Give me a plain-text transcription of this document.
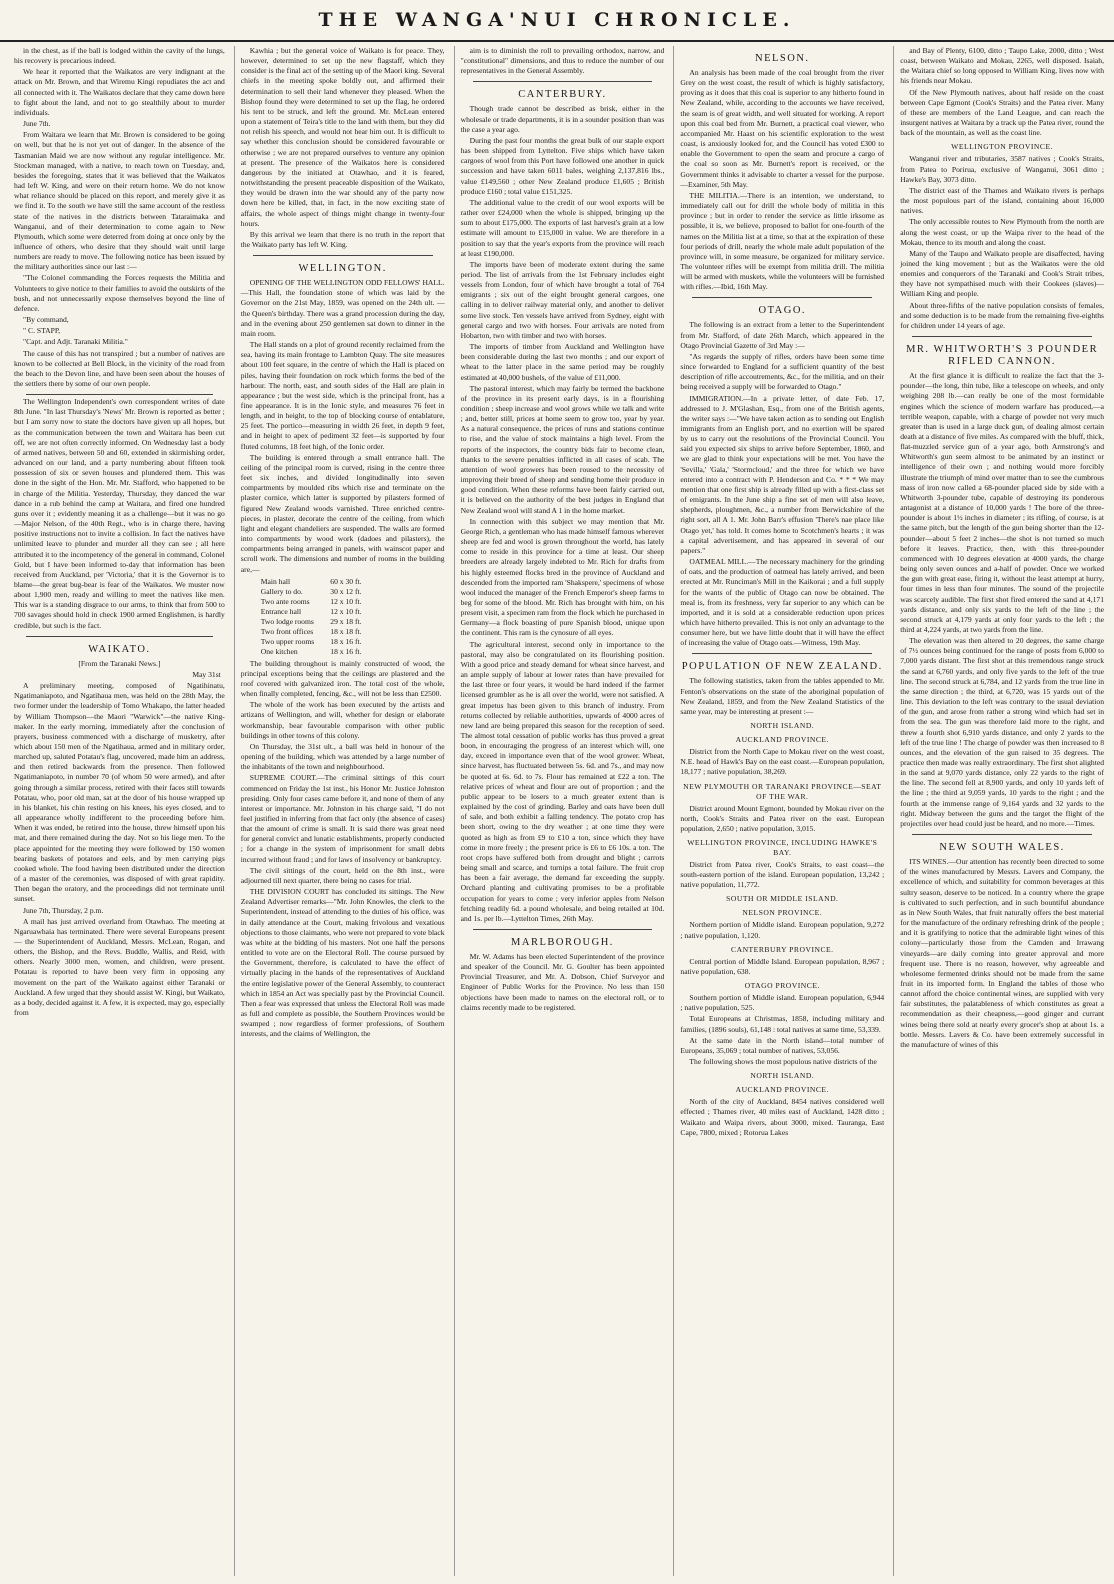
THE WANGA'NUI CHRONICLE.

in the chest, as if the ball is lodged within the cavity of the lungs, his recovery is precarious indeed.

We hear it reported that the Waikatos are very indignant at the attack on Mr. Brown, and that Wiremu Kingi repudiates the act and all connected with it. The Waikatos declare that they came down here to fight about the land, and not to go stealthily about to murder individuals.

June 7th.

From Waitara we learn that Mr. Brown is considered to be going on well, but that he is not yet out of danger. In the absence of the Tasmanian Maid we are now without any regular intelligence. Mr. Stockman managed, with a native, to reach town on Tuesday, and, besides the foregoing, states that it was believed that the Waikatos had left W. King, and were on their return home. We do not know what reliance should be placed on this report, and merely give it as we find it. To the south we have still the same account of the restless state of the natives in the districts between Tataraimaka and Wanganui, and of their determination to come again to New Plymouth, which some were deterred from doing at once only by the influence of others, who desire that they should wait until large numbers are ready to move. The following notice has been issued by the military authorities since our last :—

"The Colonel commanding the Forces requests the Militia and Volunteers to give notice to their families to avoid the outskirts of the bush, and not unnecessarily expose themselves beyond the line of defence.

"By command,

" C. STAPP,

"Capt. and Adjt. Taranaki Militia."

The cause of this has not transpired ; but a number of natives are known to be collected at Bell Block, in the vicinity of the road from the beach to the Devon line, and have been seen about the houses of the settlers there by some of our own people.

The Wellington Independent's own correspondent writes of date 8th June. "In last Thursday's 'News' Mr. Brown is reported as better ; but I am sorry now to state the doctors have given up all hopes, but as the communication between the town and Waitara has been cut off, we are not often correctly informed. On Wednesday last a body of armed natives, between 50 and 60, extended in skirmishing order, advanced on our land, and a party numbering about fifteen took possession of six or seven houses and plundered them. This was done in the sight of the Hon. Mr. Mr. Stafford, who happened to be in charge of the Militia. Yesterday, Thursday, they danced the war dance in a rub behind the camp at Waitara, and fired one hundred guns over it ; evidently meaning it as a challenge—but it was no go—Major Nelson, of the 40th Regt., who is in charge there, having positive instructions not to invite a collision. In fact the natives have unlimited leave to plunder and murder all they can see ; all here attributed it to the incompetency of the general in command, Colonel Gold, but I have been informed to-day that information has been received from Auckland, per 'Victoria,' that it is the Governor is to blame—the great bug-bear is fear of the Waikatos. We muster now about 1,900 men, ready and willing to meet the natives like men. This war is a standing disgrace to our arms, to think that from 500 to 700 savages should hold in check 1900 armed Englishmen, is hardly credible, but such is the fact.

WAIKATO.
[From the Taranaki News.]
May 31st

A preliminary meeting, composed of Ngatihinatu, Ngatimaniapoto, and Ngatihaua men, was held on the 28th May, the two former under the leadership of Tomo Whakapo, the latter headed by William Thompson—the Maori "Warwick"—the native King-maker. In the early morning, immediately after the conclusion of prayers, business commenced with a discharge of musketry, after which about 150 men of the Ngatihaua, armed and in military order, marched up, saluted Potatau's flag, uncovered, made him an address, and then retired backwards from the presence. Then followed Ngatimaniapoto, in number 70 (of whom 50 were armed), and after going through a similar process, retired with their faces still towards Potatau, who, poor old man, sat at the door of his house wrapped up in his blanket, his chin resting on his knees, his eyes closed, and to all appearance wholly indifferent to the proceeding before him. When it was ended, he retired into the house, threw himself upon his mat, and there remained during the day. Not so his liege men. To the place appointed for the meeting they were followed by 150 women bearing baskets of potatoes and eels, and by men carrying pigs cooked whole. The food having been distributed under the direction of a master of the ceremonies, was disposed of with great rapidity. Then began the oratory, and the proceedings did not terminate until sunset.

June 7th, Thursday, 2 p.m.

A mail has just arrived overland from Otawhao. The meeting at Ngaruawhaia has terminated. There were several Europeans present — the Superintendent of Auckland, Messrs. McLean, Rogan, and others, the Bishop, and the Revs. Buddle, Wallis, and Reid, with others. Nearly 3000 men, women, and children, were present. Potatau is reported to have been very firm in opposing any movement on the part of the Waikato against either Taranaki or Auckland. A few urged that they should assist W. Kingi, but Waikato, as a body, decided against it. A few, it is expected, may go, especially from

Kawhia ; but the general voice of Waikato is for peace. They, however, determined to set up the new flagstaff, which they consider is the final act of the setting up of the Maori king. Several chiefs in the meeting spoke boldly out, and affirmed their determination to sell their land whenever they pleased. When the Bishop found they were determined to set up the flag, he ordered his tent to be struck, and left the ground. Mr. McLean entered upon a statement of Teira's title to the land with them, but they did not relish his speech, and would not hear him out. It is difficult to say whether this conclusion should be considered favourable or otherwise ; we are not prepared ourselves to venture any opinion at present. The presence of the Waikatos here is considered dangerous by the initiated at Otawhao, and it is feared, notwithstanding the present peaceable disposition of the Waikato, they would be drawn into the war should any of the party now down here be killed, that, in fact, in the now exciting state of affairs, the whole aspect of things might change in twenty-four hours.

By this arrival we learn that there is no truth in the report that the Waikato party has left W. King.

WELLINGTON.

OPENING OF THE WELLINGTON ODD FELLOWS' HALL.—This Hall, the foundation stone of which was laid by the Governor on the 21st May, 1859, was opened on the 24th ult. —the Queen's birthday. There was a grand procession during the day, and in the evening about 250 gentlemen sat down to dinner in the main room.

The Hall stands on a plot of ground recently reclaimed from the sea, having its main frontage to Lambton Quay. The site measures about 100 feet square, in the centre of which the Hall is placed on piles, having their foundation on rock which forms the bed of the harbour. The north, east, and south sides of the Hall are plain in appearance ; but the west side, which is the principal front, has a fine appearance. It is in the Ionic style, and measures 76 feet in length, and in height, to the top of blocking course of entablature, 25 feet. The portico—measuring in width 26 feet, in depth 9 feet, and in height to apex of pediment 32 feet—is supported by four fluted columns, 18 feet high, of the Ionic order.

The building is entered through a small entrance hall. The ceiling of the principal room is curved, rising in the centre three feet six inches, and divided longitudinally into seven compartments by moulded ribs which rise and terminate on the plaster cornice, which latter is supported by pilasters formed of figured New Zealand woods varnished. Three enriched centre-pieces, in plaster, decorate the centre of the ceiling, from which light and elegant chandeliers are suspended. The walls are formed into compartments by wood work (dadoes and pilasters), the compartments being arranged in panels, with wainscot paper and scroll work. The dimensions and number of rooms in the building are,—

Main hall	60 x 30 ft.
Gallery to do.	30 x 12 ft.
Two ante rooms	12 x 10 ft.
Entrance hall	12 x 10 ft.
Two lodge rooms	29 x 18 ft.
Two front offices	18 x 18 ft.
Two upper rooms	18 x 16 ft.
One kitchen	18 x 16 ft.

The building throughout is mainly constructed of wood, the principal exceptions being that the ceilings are plastered and the roof covered with galvanized iron. The total cost of the whole, when finally completed, fencing, &c., will not be less than £2500.

The whole of the work has been executed by the artists and artizans of Wellington, and will, whether for design or elaborate workmanship, bear favourable comparison with other public buildings in other towns of this colony.

On Thursday, the 31st ult., a ball was held in honour of the opening of the building, which was attended by a large number of the inhabitants of the town and neighbourhood.

SUPREME COURT.—The criminal sittings of this court commenced on Friday the 1st inst., his Honor Mr. Justice Johnston presiding. Only four cases came before it, and none of them of any interest or importance. Mr. Johnston in his charge said, "I do not feel justified in inferring from that fact only (the absence of cases) that the amount of crime is small. It is said there was great need for general convict and lunatic establishments, properly conducted ; for a change in the system of imprisonment for small debts incurred without fraud ; and for laws of insolvency or bankruptcy.

The civil sittings of the court, held on the 8th inst., were adjourned till next quarter, there being no cases for trial.

THE DIVISION COURT has concluded its sittings. The New Zealand Advertiser remarks—"Mr. John Knowles, the clerk to the Superintendent, instead of attending to the duties of his office, was in daily attendance at the Court, making frivolous and vexatious objections to those claimants, who were not prepared to vote black was white at the bidding of his masters. Not one half the persons entitled to vote are on the Electoral Roll. The course pursued by the Government, therefore, is calculated to have the effect of virtually placing in the hands of the representatives of Auckland the entire legislative power of the General Assembly, to counteract which in 1854 an Act was specially past by the Provincial Council. Then a fear was expressed that unless the Electoral Roll was made as full and complete as possible, the Southern Provinces would be swamped ; now regardless of former professions, of Southern interests, and the claims of Wellington, the

aim is to diminish the roll to prevailing orthodox, narrow, and "constitutional" dimensions, and thus to reduce the number of our representatives in the General Assembly.

CANTERBURY.

Though trade cannot be described as brisk, either in the wholesale or trade departments, it is in a sounder position than was the case a year ago.

During the past four months the great bulk of our staple export has been shipped from Lyttelton. Five ships which have taken cargoes of wool from this Port have followed one another in quick succession and have taken 6011 bales, weighing 2,137,816 lbs., value £149,560 ; other New Zealand produce £1,605 ; British produce £160 ; total value £151,325.

The additional value to the credit of our wool exports will be rather over £24,000 when the whole is shipped, bringing up the sum to about £175,000. The exports of last harvest's grain at a low estimate will amount to £15,000 in value. We are therefore in a position to say that the year's exports from the province will reach at least £190,000.

The imports have been of moderate extent during the same period. The list of arrivals from the 1st February includes eight vessels from London, four of which have brought a total of 764 emigrants ; six out of the eight brought general cargoes, one calling in to deliver railway material only, and another to deliver some live stock. Ten vessels have arrived from Sydney, eight with general cargo and two with horses. Four arrivals are noted from Hobarton, two with timber and two with horses.

The imports of timber from Auckland and Wellington have been considerable during the last two months ; and our export of wheat to the latter place in the same period may be roughly estimated at 40,000 bushels, of the value of £11,000.

The pastoral interest, which may fairly be termed the backbone of the province in its present early days, is in a flourishing condition ; sheep increase and wool grows while we talk and write ; and, better still, prices at home seem to grow too, year by year. As a natural consequence, the prices of runs and stations continue to rise, and the value of stock maintains a high level. From the reports of the inspectors, the country bids fair to become clean, thanks to the severe penalties inflicted in all cases of scab. The attention of wool growers has been roused to the necessity of improving their breed of sheep and sending home their produce in good condition. When these reforms have been fairly carried out, it is believed on the authority of the best judges in England that New Zealand wool will stand A 1 in the home market.

In connection with this subject we may mention that Mr. George Rich, a gentleman who has made himself famous wherever sheep are fed and wool is grown throughout the world, has lately come to reside in this province for a time at least. Our sheep breeders are already largely indebted to Mr. Rich for drafts from his highly esteemed flocks bred in the province of Auckland and descended from the imported ram 'Shakspere,' specimens of whose wool induced the manager of the French Emperor's sheep farms to beg for some of the blood. Mr. Rich has brought with him, on his present visit, a specimen ram from the flock which he purchased in Germany—a flock boasting of pure Spanish blood, unique upon the continent. This ram is the cynosure of all eyes.

The agricultural interest, second only in importance to the pastoral, may also be congratulated on its flourishing position. With a good price and steady demand for wheat since harvest, and an ample supply of labour at lower rates than have prevailed for the last three or four years, it would be hard indeed if the farmer licensed grumbler as he is all over the world, were not satisfied. A great impetus has been given to this branch of industry. From returns collected by reliable authorities, upwards of 4000 acres of new land are being prepared this season for the reception of seed. The almost total cessation of public works has thus proved a great boon, in encouraging the progress of an interest which will, one day, exceed in importance even that of the wool grower. Wheat, since harvest, has fluctuated between 5s. 6d. and 7s., and may now be quoted at 6s. 6d. to 7s. Flour has remained at £22 a ton. The relative prices of wheat and flour are out of proportion ; and the public appear to be losers to a much greater extent than is explained by the cost of grinding. Barley and oats have been dull of sale, and both exhibit a falling tendency. The potato crop has been short, owing to the dry weather ; at one time they were quoted as high as from £9 to £10 a ton, since which they have come in more freely ; the present price is £6 to £6 10s. a ton. The root crops have suffered both from drought and blight ; carrots being small and scarce, and turnips a total failure. The fruit crop has been a fair average, the demand far exceeding the supply. Orchard planting and cultivating promises to be a profitable occupation for years to come ; very inferior apples from Nelson fetching readily 6d. a pound wholesale, and being retailed at 10d. and 1s. per lb.—Lyttelton Times, 26th May.

MARLBOROUGH.

Mr. W. Adams has been elected Superintendent of the province and speaker of the Council. Mr. G. Goulter has been appointed Provincial Treasurer, and Mr. A. Dobson, Chief Surveyor and Engineer of Public Works for the Province. No less than 150 objections have been made to names on the electoral roll, or to claims recently made to be registered.

NELSON.

An analysis has been made of the coal brought from the river Grey on the west coast, the result of which is highly satisfactory, proving as it does that this coal is superior to any hitherto found in New Zealand, while, according to the accounts we have received, the seam is of great width, and well situated for working. A report upon this coal bed from Mr. Burnett, a practical coal viewer, who accompanied Mr. Haast on his scientific exploration to the west coast, is anxiously looked for, and the Council has voted £300 to enable the Government to open the seam and procure a cargo of the coal so soon as Mr. Burnett's report is received, or the Government thinks it advisable to charter a vessel for the purpose.—Examiner, 5th May.

THE MILITIA.—There is an intention, we understand, to immediately call out for drill the whole body of militia in this province ; but in order to render the service as little irksome as possible, it is, we believe, proposed to ballot for one-fourth of the names on the Militia list at a time, so that at the expiration of these four periods of drill, nearly the whole male adult population of the province will, in some measure, be organized for military service. The volunteer rifles will be exempt from militia drill. The militia will be armed with muskets, while the volunteers will be furnished with rifles.—Ibid, 16th May.

OTAGO.

The following is an extract from a letter to the Superintendent from Mr. Stafford, of date 26th March, which appeared in the Otago Provincial Gazette of 3rd May :—

"As regards the supply of rifles, orders have been some time since forwarded to England for a sufficient quantity of the best description of rifle accoutrements, &c., for the militia, and on their being received a supply will be forwarded to Otago."

IMMIGRATION.—In a private letter, of date Feb. 17, addressed to J. M'Glashan, Esq., from one of the British agents, the writer says :—"We have taken action as to sending out English immigrants from an English port, and no exertion will be spared by us to carry out the resolutions of the Provincial Council. You said you expected six ships to arrive before September, 1860, and we are glad to think your expectations will be met. You have the 'Sevilla,' 'Gala,' 'Stormcloud,' and the three for which we have entered into a contract with P. Henderson and Co. * * * We may mention that one first ship is already filled up with a first-class set of emigrants. In the June ship a fine set of men will also leave, shepherds, ploughmen, &c., a number from Berwickshire of the right sort, all A 1. Mr. John Barr's effusion 'There's nae place like Otago yet,' has told. It comes home to Scotchmen's hearts ; it was a capital advertisement, and has appeared in several of our papers."

OATMEAL MILL.—The necessary machinery for the grinding of oats, and the production of oatmeal has lately arrived, and been erected at Mr. Runciman's Mill in the Kaikorai ; and a full supply for the wants of the public of Otago can now be obtained. The meal is, from its freshness, very far superior to any which can be imported, and it is sold at a considerable reduction upon prices which have hitherto prevailed. This is not only an advantage to the consumer here, but we have little doubt that it will have the effect of increasing the value of Otago oats.—Witness, 19th May.

POPULATION OF NEW ZEALAND.

The following statistics, taken from the tables appended to Mr. Fenton's observations on the state of the aboriginal population of New Zealand, 1859, and from the New Zealand Statistics of the same year, may be interesting at present :—

NORTH ISLAND.
AUCKLAND PROVINCE.

District from the North Cape to Mokau river on the west coast, N.E. head of Hawk's Bay on the east coast.—European population, 18,177 ; native population, 38,269.

NEW PLYMOUTH OR TARANAKI PROVINCE—SEAT OF THE WAR.

District around Mount Egmont, bounded by Mokau river on the north, Cook's Straits and Patea river on the east. European population, 2,650 ; native population, 3,015.

WELLINGTON PROVINCE, INCLUDING HAWKE'S BAY.

District from Patea river, Cook's Straits, to east coast—the south-eastern portion of the island. European population, 13,242 ; native population, 11,772.

SOUTH OR MIDDLE ISLAND.
NELSON PROVINCE.

Northern portion of Middle island. European population, 9,272 ; native population, 1,120.

CANTERBURY PROVINCE.

Central portion of Middle Island. European population, 8,967 ; native population, 638.

OTAGO PROVINCE.

Southern portion of Middle island. European population, 6,944 ; native population, 525.

Total Europeans at Christmas, 1858, including military and families, (1896 souls), 61,148 : total natives at same time, 53,339.

At the same date in the North island—total number of Europeans, 35,069 ; total number of natives, 53,056.

The following shows the most populous native districts of the

NORTH ISLAND.
AUCKLAND PROVINCE.

North of the city of Auckland, 8454 natives considered well effected ; Thames river, 40 miles east of Auckland, 1428 ditto ; Waikato and Waipa rivers, about 3000, mixed. Tauranga, East Cape, 7800, mixed ; Rotorua Lakes

and Bay of Plenty, 6100, ditto ; Taupo Lake, 2000, ditto ; West coast, between Waikato and Mokau, 2265, well disposed. Isaiah, the Waitara chief so long opposed to William King, lives now with his friends near Mokau.

Of the New Plymouth natives, about half reside on the coast between Cape Egmont (Cook's Straits) and the Patea river. Many of these are members of the Land League, and can reach the insurgent natives at Waitara by a track up the Patea river, round the back of the mountain, as well as the coast line.

WELLINGTON PROVINCE.

Wanganui river and tributaries, 3587 natives ; Cook's Straits, from Patea to Porirua, exclusive of Wanganui, 3061 ditto ; Hawke's Bay, 3073 ditto.

The district east of the Thames and Waikato rivers is perhaps the most populous part of the island, containing about 16,000 natives.

The only accessible routes to New Plymouth from the north are along the west coast, or up the Waipa river to the head of the Mokau, thence to its mouth and along the coast.

Many of the Taupo and Waikato people are disaffected, having joined the king movement ; but as the Waikatos were the old enemies and conquerors of the Taranaki and Cook's Strait tribes, they have not sympathised much with their Cookees (slaves)—William King and people.

About three-fifths of the native population consists of females, and some deduction is to be made from the remaining five-eighths for children under 14 years of age.

MR. WHITWORTH'S 3 POUNDER RIFLED CANNON.

At the first glance it is difficult to realize the fact that the 3-pounder—the long, thin tube, like a telescope on wheels, and only weighing 208 lb.—can really be one of the most formidable engines which the science of modern warfare has produced,—a terrible weapon, capable, with a charge of powder not very much greater than is used in a large duck gun, of dealing almost certain death at a distance of five miles. As compared with the bluff, thick, flat-muzzled service gun of a year ago, both Armstrong's and Whitworth's gun seem almost to be animated by an instinct or intelligence of their own ; and nothing would more forcibly illustrate the triumph of mind over matter than to see the cumbrous mass of iron now called a 68-pounder placed side by side with a Whitworth 3-pounder tube, capable of destroying its ponderous antagonist at a distance of 10,000 yards ! The bore of the three-pounder is about 1½ inches in diameter ; its rifling, of course, is at the same pitch, but the length of the gun being shorter than the 12-pounder—about 5 feet 2 inches—the shot is not turned so much before it leaves. Practice, then, with this three-pounder commenced with 10 degrees elevation at 4000 yards, the charge being only seven ounces and a-half of powder. Once we worked the gun with great ease, firing it, without the least attempt at hurry, four times in less than four minutes. The sound of the projectile was scarcely audible. The first shot fired entered the sand at 4,171 yards distance, and only six yards to the left of the line ; the second struck at 4,179 yards at only four yards to the left ; the third at 4,224 yards, at two yards from the line.

The elevation was then altered to 20 degrees, the same charge of 7½ ounces being continued for the range of posts from 6,000 to 7,000 yards distant. The first shot at this tremendous range struck the sand at 6,760 yards, and only five yards to the left of the true line. The second struck at 6,784, and 12 yards from the true line in the same direction ; the third, at 6,720, was 15 yards out of the line. This deviation to the left was contrary to the usual deviation of the gun, and arose from rather a strong wind which had set in from the sea. The gun was therefore laid more to the right, and threw a fourth shot 6,910 yards distance, and only 2 yards to the left of the true line ! The charge of powder was then increased to 8 ounces, and the elevation of the gun raised to 35 degrees. The practice then made was really extraordinary. The first shot alighted in the sand at 9,070 yards distance, only 22 yards to the right of the line. The second fell at 8,900 yards, and only 10 yards left of the line ; the third at 9,059 yards, 10 yards to the right ; and the fourth at the immense range of 9,164 yards and 32 yards to the right. Midway between the guns and the target the flight of the projectiles over head could just be heard, and no more.—Times.

NEW SOUTH WALES.

ITS WINES.—Our attention has recently been directed to some of the wines manufactured by Messrs. Lavers and Company, the excellence of which, and suitability for common beverages at this sultry season, deserve to be noticed. In a country where the grape is cultivated to such perfection, and in such bountiful abundance as in New South Wales, that fruit naturally offers the best material for the manufacture of the ordinary refreshing drink of the people ; and it is gratifying to notice that the admirable light wines of this colony—particularly those from the Camden and Irrawang vineyards—are daily coming into greater approval and more frequent use. There is no reason, however, why agreeable and wholesome fermented drinks should not be made from the same fruit in its imported form. In England the tables of those who cannot afford the choice continental wines, are supplied with very fair substitutes, the palatableness of which constitutes as great a recommendation as their cheapness,—good ginger and currant wines being there sold at nearly every grocer's shop at about 1s. a bottle. Messrs. Lavers & Co. have been extremely successful in the manufacture of wines of this
